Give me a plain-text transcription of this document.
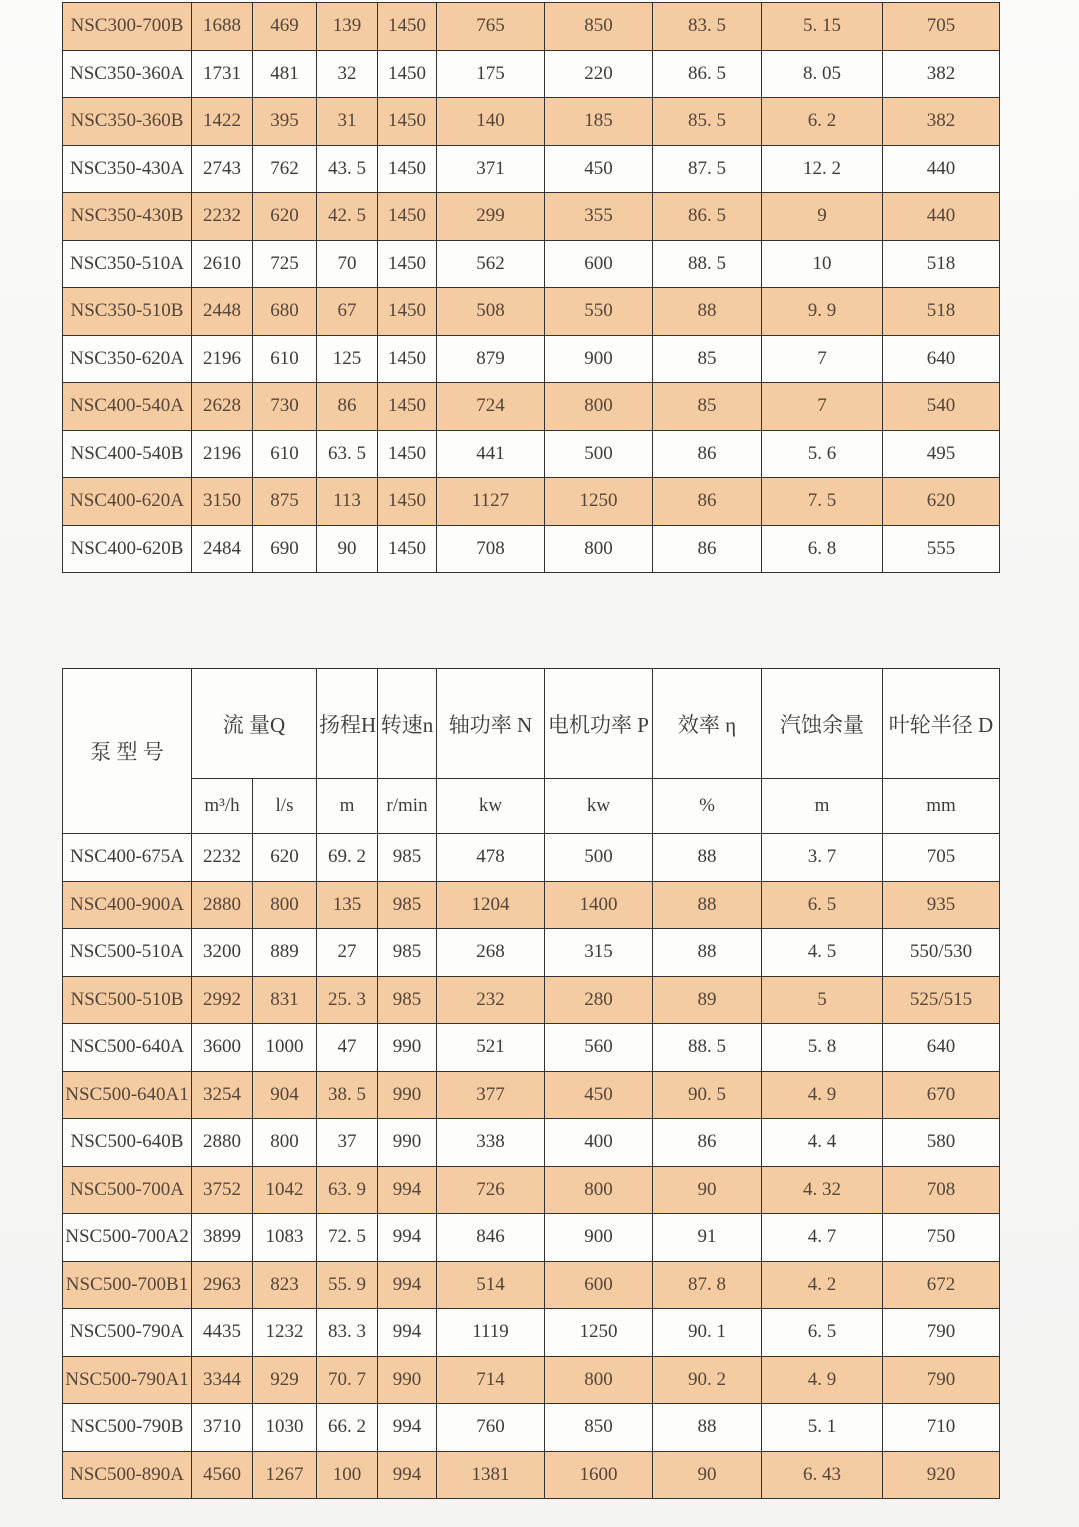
NSC300-700B	1688	469	139	1450	765	850	83. 5	5. 15	705
NSC350-360A	1731	481	32	1450	175	220	86. 5	8. 05	382
NSC350-360B	1422	395	31	1450	140	185	85. 5	6. 2	382
NSC350-430A	2743	762	43. 5	1450	371	450	87. 5	12. 2	440
NSC350-430B	2232	620	42. 5	1450	299	355	86. 5	9	440
NSC350-510A	2610	725	70	1450	562	600	88. 5	10	518
NSC350-510B	2448	680	67	1450	508	550	88	9. 9	518
NSC350-620A	2196	610	125	1450	879	900	85	7	640
NSC400-540A	2628	730	86	1450	724	800	85	7	540
NSC400-540B	2196	610	63. 5	1450	441	500	86	5. 6	495
NSC400-620A	3150	875	113	1450	1127	1250	86	7. 5	620
NSC400-620B	2484	690	90	1450	708	800	86	6. 8	555
泵 型 号	流 量Q		扬程H	转速n	轴功率 N	电机功率 P	效率 η	汽蚀余量	叶轮半径 D
	m³/h	l/s	m	r/min	kw	kw	%	m	mm
NSC400-675A	2232	620	69. 2	985	478	500	88	3. 7	705
NSC400-900A	2880	800	135	985	1204	1400	88	6. 5	935
NSC500-510A	3200	889	27	985	268	315	88	4. 5	550/530
NSC500-510B	2992	831	25. 3	985	232	280	89	5	525/515
NSC500-640A	3600	1000	47	990	521	560	88. 5	5. 8	640
NSC500-640A1	3254	904	38. 5	990	377	450	90. 5	4. 9	670
NSC500-640B	2880	800	37	990	338	400	86	4. 4	580
NSC500-700A	3752	1042	63. 9	994	726	800	90	4. 32	708
NSC500-700A2	3899	1083	72. 5	994	846	900	91	4. 7	750
NSC500-700B1	2963	823	55. 9	994	514	600	87. 8	4. 2	672
NSC500-790A	4435	1232	83. 3	994	1119	1250	90. 1	6. 5	790
NSC500-790A1	3344	929	70. 7	990	714	800	90. 2	4. 9	790
NSC500-790B	3710	1030	66. 2	994	760	850	88	5. 1	710
NSC500-890A	4560	1267	100	994	1381	1600	90	6. 43	920
